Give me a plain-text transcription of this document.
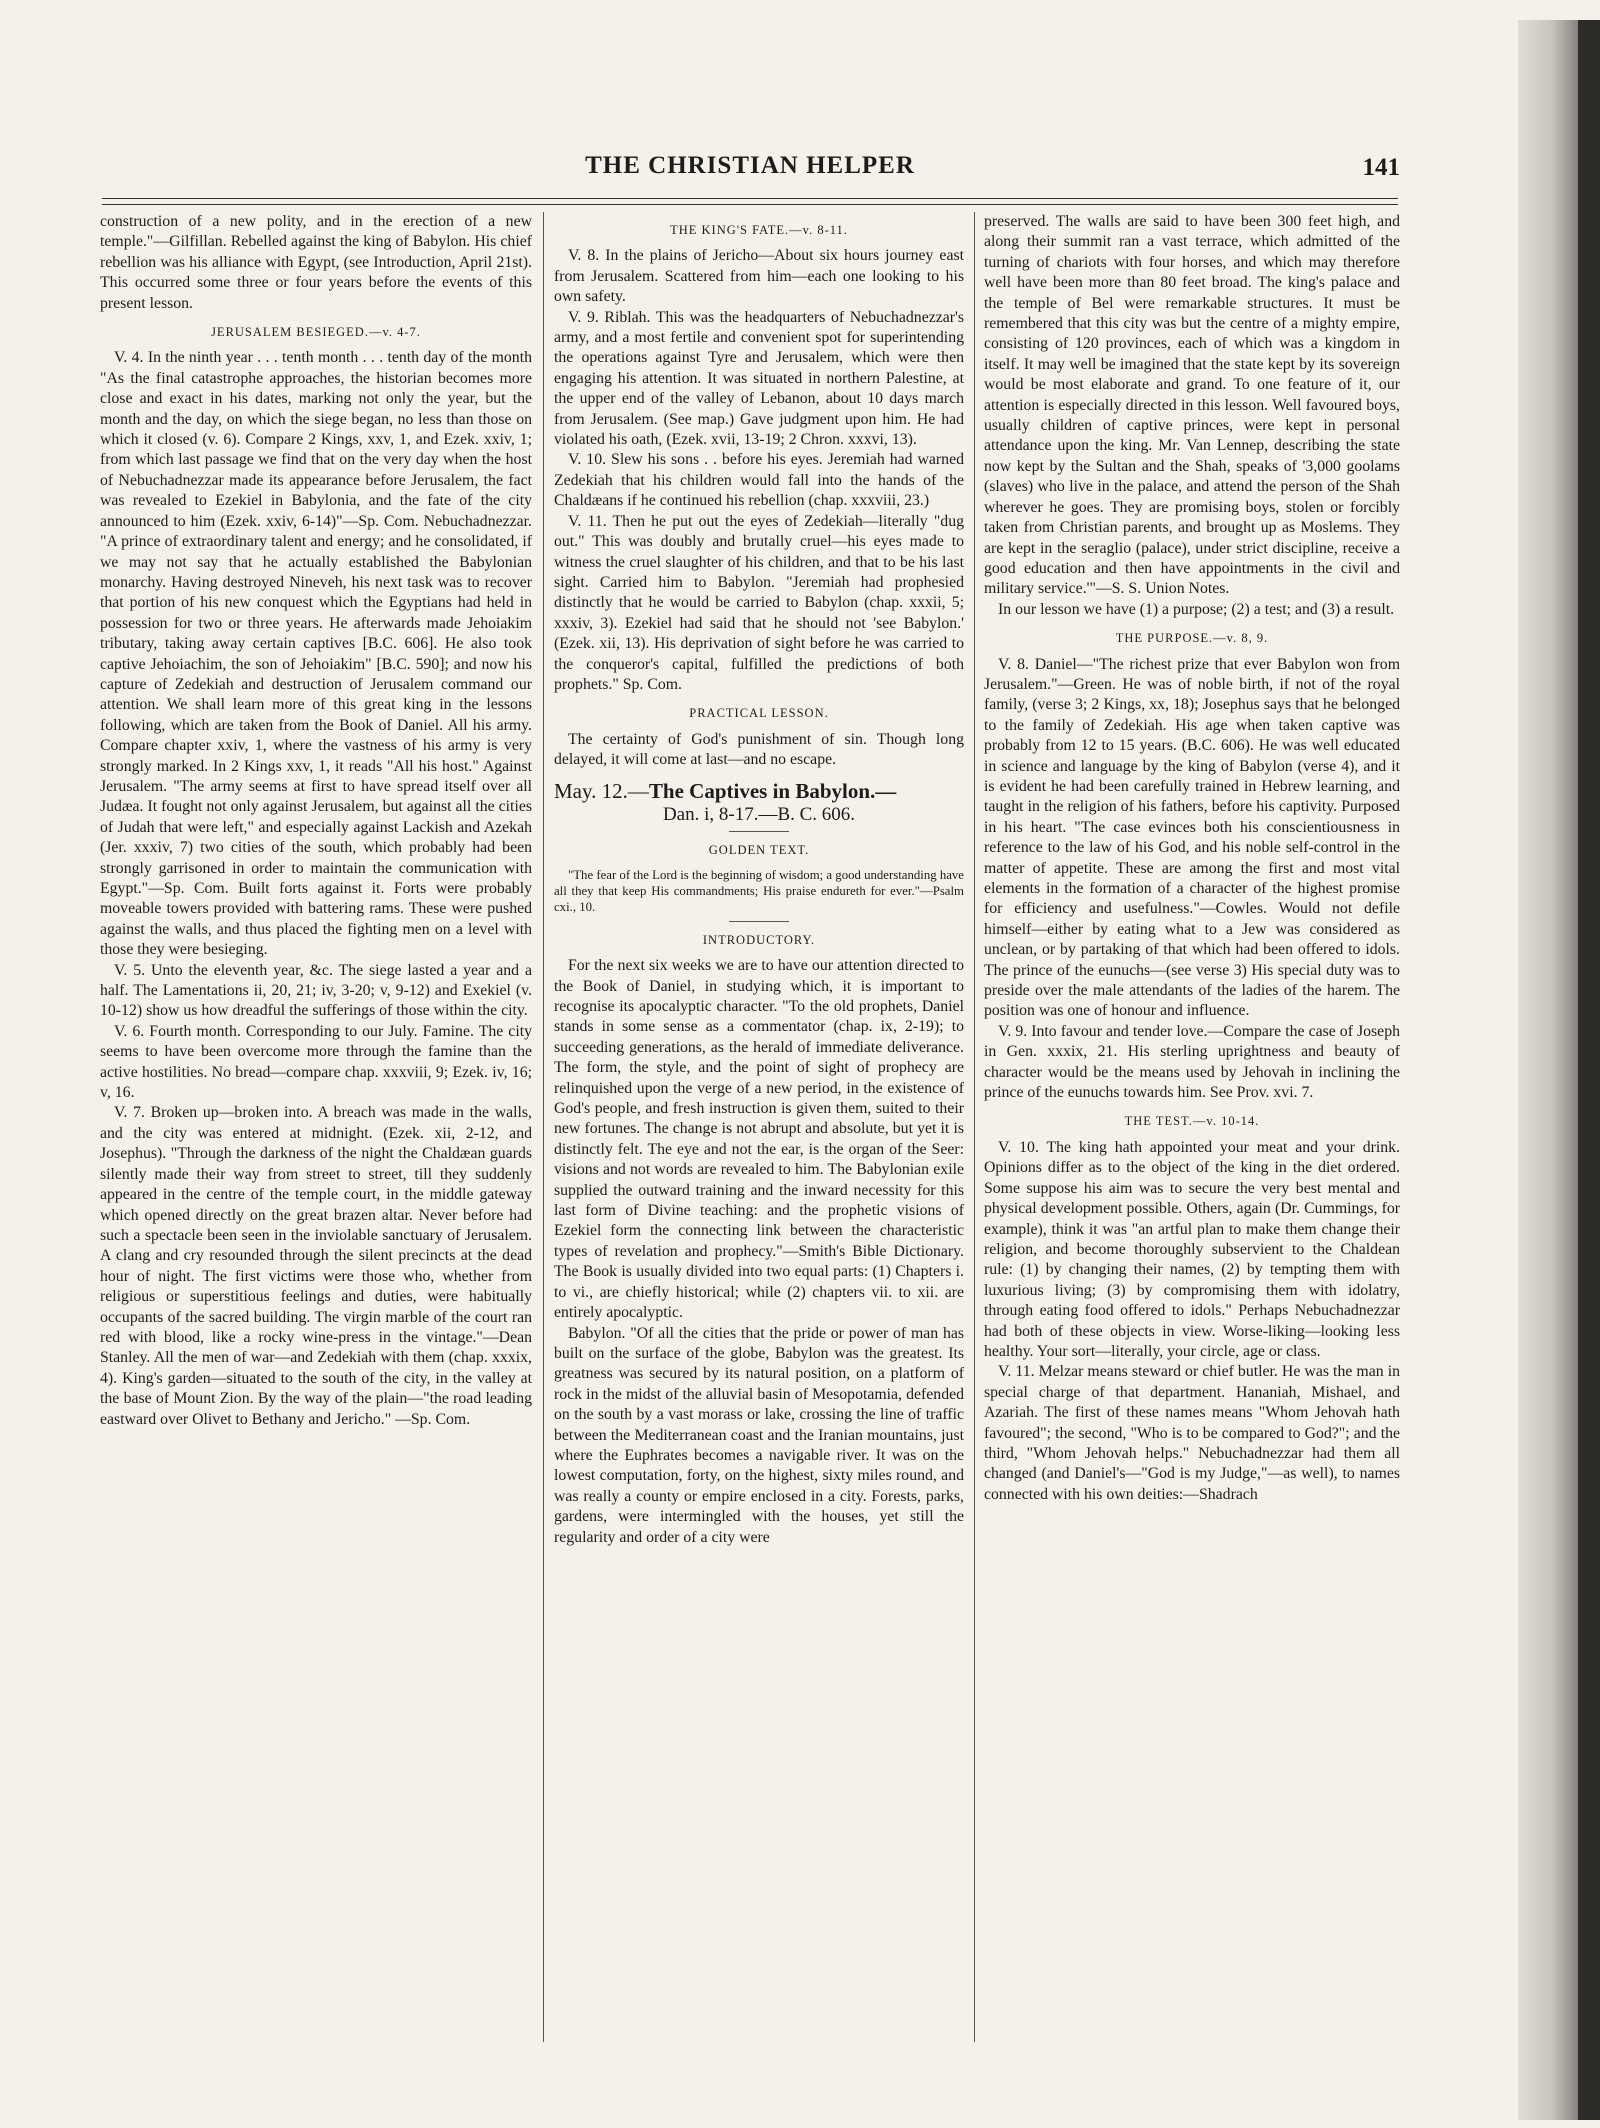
THE CHRISTIAN HELPER	141

construction of a new polity, and in the erection of a new temple."—Gilfillan. Rebelled against the king of Babylon. His chief rebellion was his alliance with Egypt, (see Introduction, April 21st). This occurred some three or four years before the events of this present lesson.

JERUSALEM BESIEGED.—v. 4-7.

V. 4. In the ninth year . . . tenth month . . . tenth day of the month "As the final catastrophe approaches, the historian becomes more close and exact in his dates, marking not only the year, but the month and the day, on which the siege began, no less than those on which it closed (v. 6). Compare 2 Kings, xxv, 1, and Ezek. xxiv, 1; from which last passage we find that on the very day when the host of Nebuchadnezzar made its appearance before Jerusalem, the fact was revealed to Ezekiel in Babylonia, and the fate of the city announced to him (Ezek. xxiv, 6-14)"—Sp. Com. Nebuchadnezzar. "A prince of extraordinary talent and energy; and he consolidated, if we may not say that he actually established the Babylonian monarchy. Having destroyed Nineveh, his next task was to recover that portion of his new conquest which the Egyptians had held in possession for two or three years. He afterwards made Jehoiakim tributary, taking away certain captives [B.C. 606]. He also took captive Jehoiachim, the son of Jehoiakim" [B.C. 590]; and now his capture of Zedekiah and destruction of Jerusalem command our attention. We shall learn more of this great king in the lessons following, which are taken from the Book of Daniel. All his army. Compare chapter xxiv, 1, where the vastness of his army is very strongly marked. In 2 Kings xxv, 1, it reads "All his host." Against Jerusalem. "The army seems at first to have spread itself over all Judæa. It fought not only against Jerusalem, but against all the cities of Judah that were left," and especially against Lackish and Azekah (Jer. xxxiv, 7) two cities of the south, which probably had been strongly garrisoned in order to maintain the communication with Egypt."—Sp. Com. Built forts against it. Forts were probably moveable towers provided with battering rams. These were pushed against the walls, and thus placed the fighting men on a level with those they were besieging.

V. 5. Unto the eleventh year, &c. The siege lasted a year and a half. The Lamentations ii, 20, 21; iv, 3-20; v, 9-12) and Exekiel (v. 10-12) show us how dreadful the sufferings of those within the city.

V. 6. Fourth month. Corresponding to our July. Famine. The city seems to have been overcome more through the famine than the active hostilities. No bread—compare chap. xxxviii, 9; Ezek. iv, 16; v, 16.

V. 7. Broken up—broken into. A breach was made in the walls, and the city was entered at midnight. (Ezek. xii, 2-12, and Josephus). "Through the darkness of the night the Chaldæan guards silently made their way from street to street, till they suddenly appeared in the centre of the temple court, in the middle gateway which opened directly on the great brazen altar. Never before had such a spectacle been seen in the inviolable sanctuary of Jerusalem. A clang and cry resounded through the silent precincts at the dead hour of night. The first victims were those who, whether from religious or superstitious feelings and duties, were habitually occupants of the sacred building. The virgin marble of the court ran red with blood, like a rocky wine-press in the vintage."—Dean Stanley. All the men of war—and Zedekiah with them (chap. xxxix, 4). King's garden—situated to the south of the city, in the valley at the base of Mount Zion. By the way of the plain—"the road leading eastward over Olivet to Bethany and Jericho." —Sp. Com.

THE KING'S FATE.—v. 8-11.

V. 8. In the plains of Jericho—About six hours journey east from Jerusalem. Scattered from him—each one looking to his own safety.

V. 9. Riblah. This was the headquarters of Nebuchadnezzar's army, and a most fertile and convenient spot for superintending the operations against Tyre and Jerusalem, which were then engaging his attention. It was situated in northern Palestine, at the upper end of the valley of Lebanon, about 10 days march from Jerusalem. (See map.) Gave judgment upon him. He had violated his oath, (Ezek. xvii, 13-19; 2 Chron. xxxvi, 13).

V. 10. Slew his sons . . before his eyes. Jeremiah had warned Zedekiah that his children would fall into the hands of the Chaldæans if he continued his rebellion (chap. xxxviii, 23.)

V. 11. Then he put out the eyes of Zedekiah—literally "dug out." This was doubly and brutally cruel—his eyes made to witness the cruel slaughter of his children, and that to be his last sight. Carried him to Babylon. "Jeremiah had prophesied distinctly that he would be carried to Babylon (chap. xxxii, 5; xxxiv, 3). Ezekiel had said that he should not 'see Babylon.' (Ezek. xii, 13). His deprivation of sight before he was carried to the conqueror's capital, fulfilled the predictions of both prophets." Sp. Com.

PRACTICAL LESSON.

The certainty of God's punishment of sin. Though long delayed, it will come at last—and no escape.

May. 12.—The Captives in Babylon.—
Dan. i, 8-17.—B. C. 606.
GOLDEN TEXT.

"The fear of the Lord is the beginning of wisdom; a good understanding have all they that keep His commandments; His praise endureth for ever."—Psalm cxi., 10.

INTRODUCTORY.

For the next six weeks we are to have our attention directed to the Book of Daniel, in studying which, it is important to recognise its apocalyptic character. "To the old prophets, Daniel stands in some sense as a commentator (chap. ix, 2-19); to succeeding generations, as the herald of immediate deliverance. The form, the style, and the point of sight of prophecy are relinquished upon the verge of a new period, in the existence of God's people, and fresh instruction is given them, suited to their new fortunes. The change is not abrupt and absolute, but yet it is distinctly felt. The eye and not the ear, is the organ of the Seer: visions and not words are revealed to him. The Babylonian exile supplied the outward training and the inward necessity for this last form of Divine teaching: and the prophetic visions of Ezekiel form the connecting link between the characteristic types of revelation and prophecy."—Smith's Bible Dictionary. The Book is usually divided into two equal parts: (1) Chapters i. to vi., are chiefly historical; while (2) chapters vii. to xii. are entirely apocalyptic.

Babylon. "Of all the cities that the pride or power of man has built on the surface of the globe, Babylon was the greatest. Its greatness was secured by its natural position, on a platform of rock in the midst of the alluvial basin of Mesopotamia, defended on the south by a vast morass or lake, crossing the line of traffic between the Mediterranean coast and the Iranian mountains, just where the Euphrates becomes a navigable river. It was on the lowest computation, forty, on the highest, sixty miles round, and was really a county or empire enclosed in a city. Forests, parks, gardens, were intermingled with the houses, yet still the regularity and order of a city were

preserved. The walls are said to have been 300 feet high, and along their summit ran a vast terrace, which admitted of the turning of chariots with four horses, and which may therefore well have been more than 80 feet broad. The king's palace and the temple of Bel were remarkable structures. It must be remembered that this city was but the centre of a mighty empire, consisting of 120 provinces, each of which was a kingdom in itself. It may well be imagined that the state kept by its sovereign would be most elaborate and grand. To one feature of it, our attention is especially directed in this lesson. Well favoured boys, usually children of captive princes, were kept in personal attendance upon the king. Mr. Van Lennep, describing the state now kept by the Sultan and the Shah, speaks of '3,000 goolams (slaves) who live in the palace, and attend the person of the Shah wherever he goes. They are promising boys, stolen or forcibly taken from Christian parents, and brought up as Moslems. They are kept in the seraglio (palace), under strict discipline, receive a good education and then have appointments in the civil and military service.'"—S. S. Union Notes.

In our lesson we have (1) a purpose; (2) a test; and (3) a result.

THE PURPOSE.—v. 8, 9.

V. 8. Daniel—"The richest prize that ever Babylon won from Jerusalem."—Green. He was of noble birth, if not of the royal family, (verse 3; 2 Kings, xx, 18); Josephus says that he belonged to the family of Zedekiah. His age when taken captive was probably from 12 to 15 years. (B.C. 606). He was well educated in science and language by the king of Babylon (verse 4), and it is evident he had been carefully trained in Hebrew learning, and taught in the religion of his fathers, before his captivity. Purposed in his heart. "The case evinces both his conscientiousness in reference to the law of his God, and his noble self-control in the matter of appetite. These are among the first and most vital elements in the formation of a character of the highest promise for efficiency and usefulness."—Cowles. Would not defile himself—either by eating what to a Jew was considered as unclean, or by partaking of that which had been offered to idols. The prince of the eunuchs—(see verse 3) His special duty was to preside over the male attendants of the ladies of the harem. The position was one of honour and influence.

V. 9. Into favour and tender love.—Compare the case of Joseph in Gen. xxxix, 21. His sterling uprightness and beauty of character would be the means used by Jehovah in inclining the prince of the eunuchs towards him. See Prov. xvi. 7.

THE TEST.—v. 10-14.

V. 10. The king hath appointed your meat and your drink. Opinions differ as to the object of the king in the diet ordered. Some suppose his aim was to secure the very best mental and physical development possible. Others, again (Dr. Cummings, for example), think it was "an artful plan to make them change their religion, and become thoroughly subservient to the Chaldean rule: (1) by changing their names, (2) by tempting them with luxurious living; (3) by compromising them with idolatry, through eating food offered to idols." Perhaps Nebuchadnezzar had both of these objects in view. Worse-liking—looking less healthy. Your sort—literally, your circle, age or class.

V. 11. Melzar means steward or chief butler. He was the man in special charge of that department. Hananiah, Mishael, and Azariah. The first of these names means "Whom Jehovah hath favoured"; the second, "Who is to be compared to God?"; and the third, "Whom Jehovah helps." Nebuchadnezzar had them all changed (and Daniel's—"God is my Judge,"—as well), to names connected with his own deities:—Shadrach
